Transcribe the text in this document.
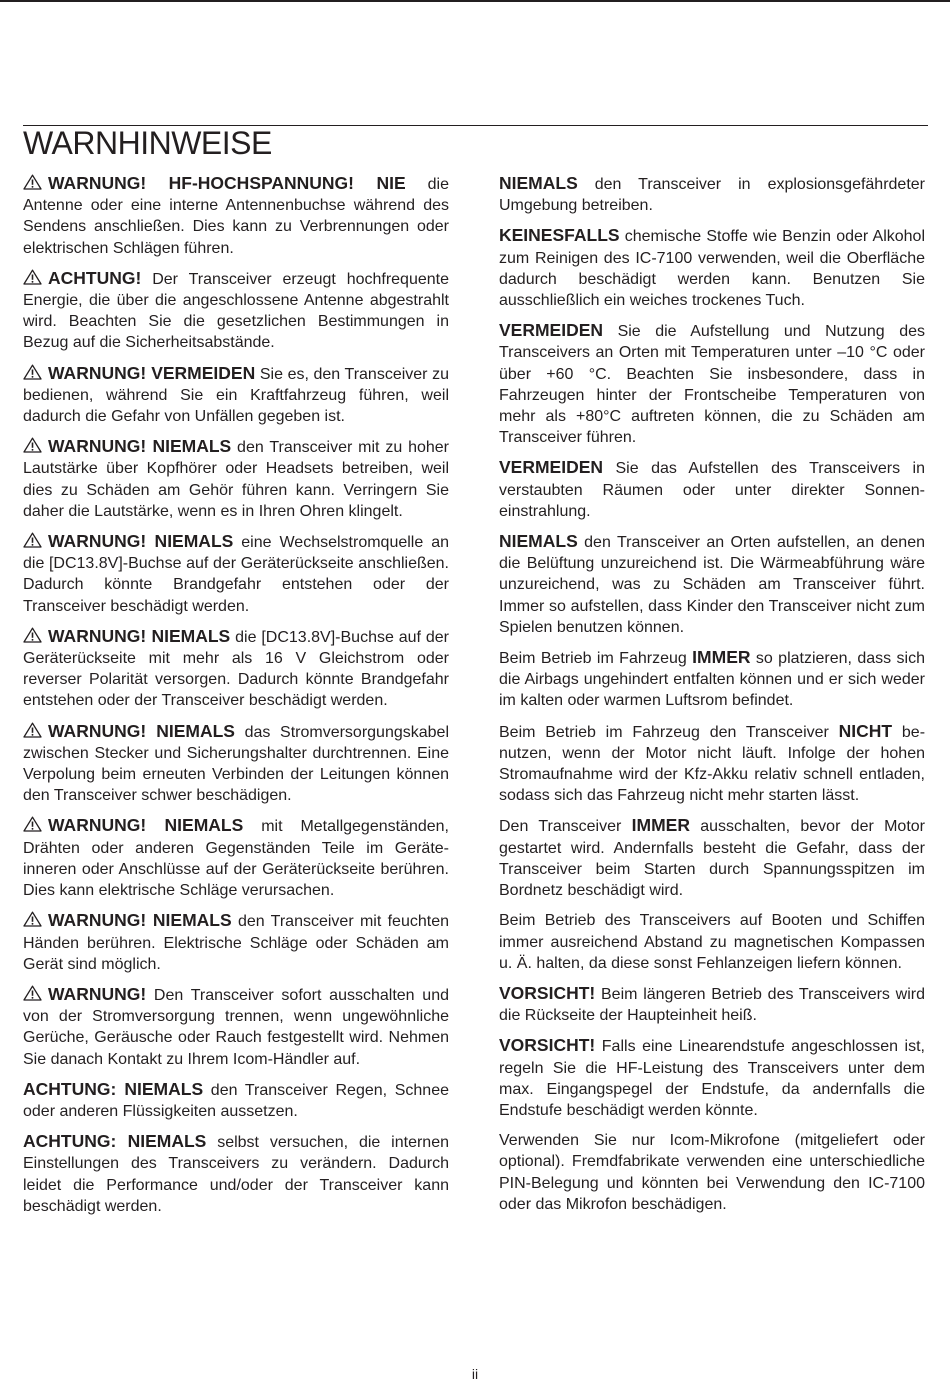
WARNHINWEISE

WARNUNG! HF-HOCHSPANNUNG! NIE die Antenne oder eine interne Antennenbuchse während des Sendens anschließen. Dies kann zu Verbrennungen oder elektrischen Schlägen führen.

ACHTUNG! Der Transceiver erzeugt hochfrequente Energie, die über die angeschlossene Antenne abgestrahlt wird. Beachten Sie die gesetzlichen Bestimmungen in Bezug auf die Sicherheitsabstände.

WARNUNG! VERMEIDEN Sie es, den Transceiver zu bedienen, während Sie ein Kraftfahrzeug führen, weil dadurch die Gefahr von Unfällen gegeben ist.

WARNUNG! NIEMALS den Transceiver mit zu hoher Lautstärke über Kopfhörer oder Headsets betreiben, weil dies zu Schäden am Gehör führen kann. Verringern Sie daher die Lautstärke, wenn es in Ihren Ohren klingelt.

WARNUNG! NIEMALS eine Wechselstromquelle an die [DC13.8V]-Buchse auf der Geräterückseite anschließen. Dadurch könnte Brandgefahr entstehen oder der Transceiver beschädigt werden.

WARNUNG! NIEMALS die [DC13.8V]-Buchse auf der Geräterückseite mit mehr als 16 V Gleichstrom oder reverser Polarität versorgen. Dadurch könnte Brandgefahr entstehen oder der Transceiver beschädigt werden.

WARNUNG! NIEMALS das Stromversorgungskabel zwischen Stecker und Sicherungshalter durchtrennen. Eine Verpolung beim erneuten Verbinden der Leitungen können den Transceiver schwer beschädigen.

WARNUNG! NIEMALS mit Metallgegenständen, Drähten oder anderen Gegenständen Teile im Geräteinneren oder Anschlüsse auf der Geräterückseite berühren. Dies kann elektrische Schläge verursachen.

WARNUNG! NIEMALS den Transceiver mit feuchten Händen berühren. Elektrische Schläge oder Schäden am Gerät sind möglich.

WARNUNG! Den Transceiver sofort ausschalten und von der Stromversorgung trennen, wenn ungewöhnliche Gerüche, Geräusche oder Rauch festgestellt wird. Nehmen Sie danach Kontakt zu Ihrem Icom-Händler auf.

ACHTUNG: NIEMALS den Transceiver Regen, Schnee oder anderen Flüssigkeiten aussetzen.

ACHTUNG: NIEMALS selbst versuchen, die internen Einstellungen des Transceivers zu verändern. Dadurch leidet die Performance und/oder der Transceiver kann beschädigt werden.

NIEMALS den Transceiver in explosionsgefährdeter Umgebung betreiben.

KEINESFALLS chemische Stoffe wie Benzin oder Alkohol zum Reinigen des IC-7100 verwenden, weil die Oberfläche dadurch beschädigt werden kann. Benutzen Sie ausschließlich ein weiches trockenes Tuch.

VERMEIDEN Sie die Aufstellung und Nutzung des Transceivers an Orten mit Temperaturen unter –10 °C oder über +60 °C. Beachten Sie insbesondere, dass in Fahrzeugen hinter der Frontscheibe Temperaturen von mehr als +80°C auftreten können, die zu Schäden am Transceiver führen.

VERMEIDEN Sie das Aufstellen des Transceivers in verstaubten Räumen oder unter direkter Sonneneinstrahlung.

NIEMALS den Transceiver an Orten aufstellen, an denen die Belüftung unzureichend ist. Die Wärmeabführung wäre unzureichend, was zu Schäden am Transceiver führt. Immer so aufstellen, dass Kinder den Transceiver nicht zum Spielen benutzen können.

Beim Betrieb im Fahrzeug IMMER so platzieren, dass sich die Airbags ungehindert entfalten können und er sich weder im kalten oder warmen Luftsrom befindet.

Beim Betrieb im Fahrzeug den Transceiver NICHT benutzen, wenn der Motor nicht läuft. Infolge der hohen Stromaufnahme wird der Kfz-Akku relativ schnell entladen, sodass sich das Fahrzeug nicht mehr starten lässt.

Den Transceiver IMMER ausschalten, bevor der Motor gestartet wird. Andernfalls besteht die Gefahr, dass der Transceiver beim Starten durch Spannungsspitzen im Bordnetz beschädigt wird.

Beim Betrieb des Transceivers auf Booten und Schiffen immer ausreichend Abstand zu magnetischen Kompassen u. Ä. halten, da diese sonst Fehlanzeigen liefern können.

VORSICHT! Beim längeren Betrieb des Transceivers wird die Rückseite der Haupteinheit heiß.

VORSICHT! Falls eine Linearendstufe angeschlossen ist, regeln Sie die HF-Leistung des Transceivers unter dem max. Eingangspegel der Endstufe, da andernfalls die Endstufe beschädigt werden könnte.

Verwenden Sie nur Icom-Mikrofone (mitgeliefert oder optional). Fremdfabrikate verwenden eine unterschiedliche PIN-Belegung und könnten bei Verwendung den IC-7100 oder das Mikrofon beschädigen.

ii
